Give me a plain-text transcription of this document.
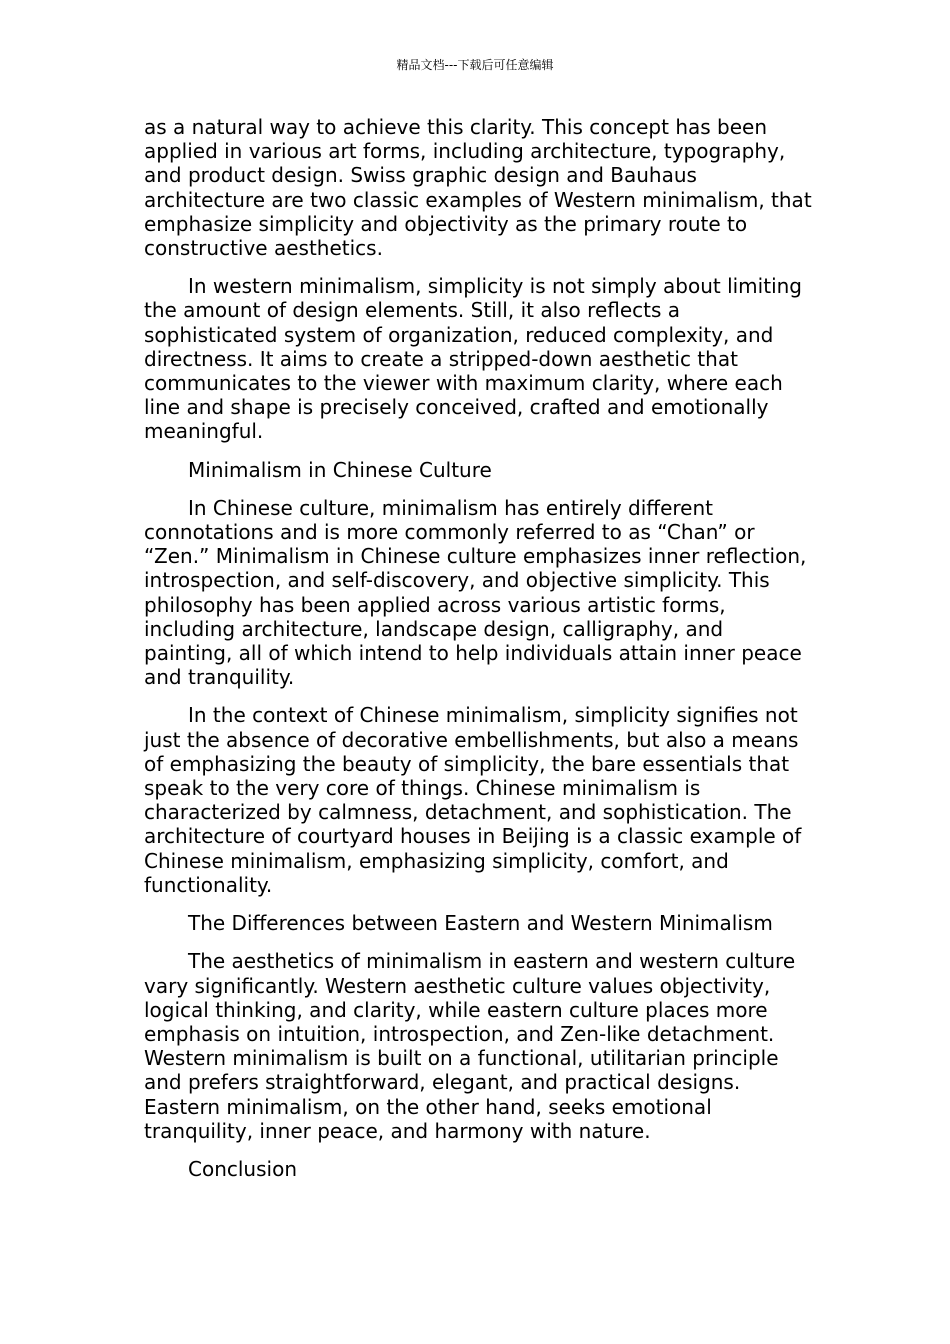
精品文档---下载后可任意编辑

as a natural way to achieve this clarity. This concept has been applied in various art forms, including architecture, typography, and product design. Swiss graphic design and Bauhaus architecture are two classic examples of Western minimalism, that emphasize simplicity and objectivity as the primary route to constructive aesthetics.

In western minimalism, simplicity is not simply about limiting the amount of design elements. Still, it also reflects a sophisticated system of organization, reduced complexity, and directness. It aims to create a stripped-down aesthetic that communicates to the viewer with maximum clarity, where each line and shape is precisely conceived, crafted and emotionally meaningful.

Minimalism in Chinese Culture

In Chinese culture, minimalism has entirely different connotations and is more commonly referred to as “Chan” or “Zen.” Minimalism in Chinese culture emphasizes inner reflection, introspection, and self-discovery, and objective simplicity. This philosophy has been applied across various artistic forms, including architecture, landscape design, calligraphy, and painting, all of which intend to help individuals attain inner peace and tranquility.

In the context of Chinese minimalism, simplicity signifies not just the absence of decorative embellishments, but also a means of emphasizing the beauty of simplicity, the bare essentials that speak to the very core of things. Chinese minimalism is characterized by calmness, detachment, and sophistication. The architecture of courtyard houses in Beijing is a classic example of Chinese minimalism, emphasizing simplicity, comfort, and functionality.

The Differences between Eastern and Western Minimalism

The aesthetics of minimalism in eastern and western culture vary significantly. Western aesthetic culture values objectivity, logical thinking, and clarity, while eastern culture places more emphasis on intuition, introspection, and Zen-like detachment. Western minimalism is built on a functional, utilitarian principle and prefers straightforward, elegant, and practical designs. Eastern minimalism, on the other hand, seeks emotional tranquility, inner peace, and harmony with nature.

Conclusion
